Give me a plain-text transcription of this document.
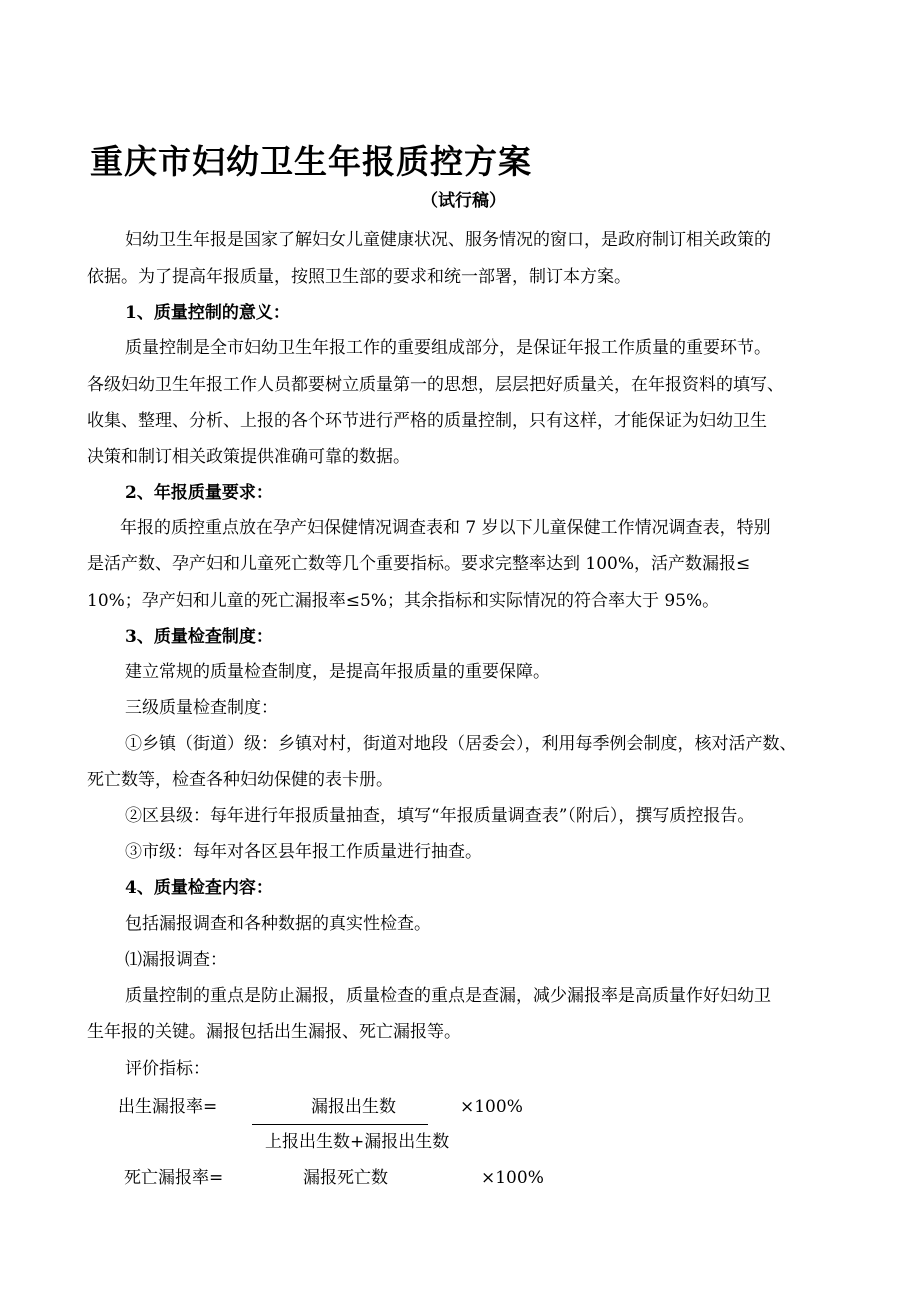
重庆市妇幼卫生年报质控方案

（试行稿）

妇幼卫生年报是国家了解妇女儿童健康状况、服务情况的窗口，是政府制订相关政策的

依据。为了提高年报质量，按照卫生部的要求和统一部署，制订本方案。

1、质量控制的意义：

质量控制是全市妇幼卫生年报工作的重要组成部分，是保证年报工作质量的重要环节。

各级妇幼卫生年报工作人员都要树立质量第一的思想，层层把好质量关，在年报资料的填写、

收集、整理、分析、上报的各个环节进行严格的质量控制，只有这样，才能保证为妇幼卫生

决策和制订相关政策提供准确可靠的数据。

2、年报质量要求：

年报的质控重点放在孕产妇保健情况调查表和 7 岁以下儿童保健工作情况调查表，特别

是活产数、孕产妇和儿童死亡数等几个重要指标。要求完整率达到 100%，活产数漏报≤

10%；孕产妇和儿童的死亡漏报率≤5%；其余指标和实际情况的符合率大于 95%。

3、质量检查制度：

建立常规的质量检查制度，是提高年报质量的重要保障。

三级质量检查制度：

①乡镇（街道）级：乡镇对村，街道对地段（居委会），利用每季例会制度，核对活产数、

死亡数等，检查各种妇幼保健的表卡册。

②区县级：每年进行年报质量抽查，填写“年报质量调查表”（附后），撰写质控报告。

③市级：每年对各区县年报工作质量进行抽查。

4、质量检查内容：

包括漏报调查和各种数据的真实性检查。

⑴漏报调查：

质量控制的重点是防止漏报，质量检查的重点是查漏，减少漏报率是高质量作好妇幼卫

生年报的关键。漏报包括出生漏报、死亡漏报等。

评价指标：

出生漏报率=	漏报出生数	×100%
上报出生数+漏报出生数
死亡漏报率=	漏报死亡数	×100%
